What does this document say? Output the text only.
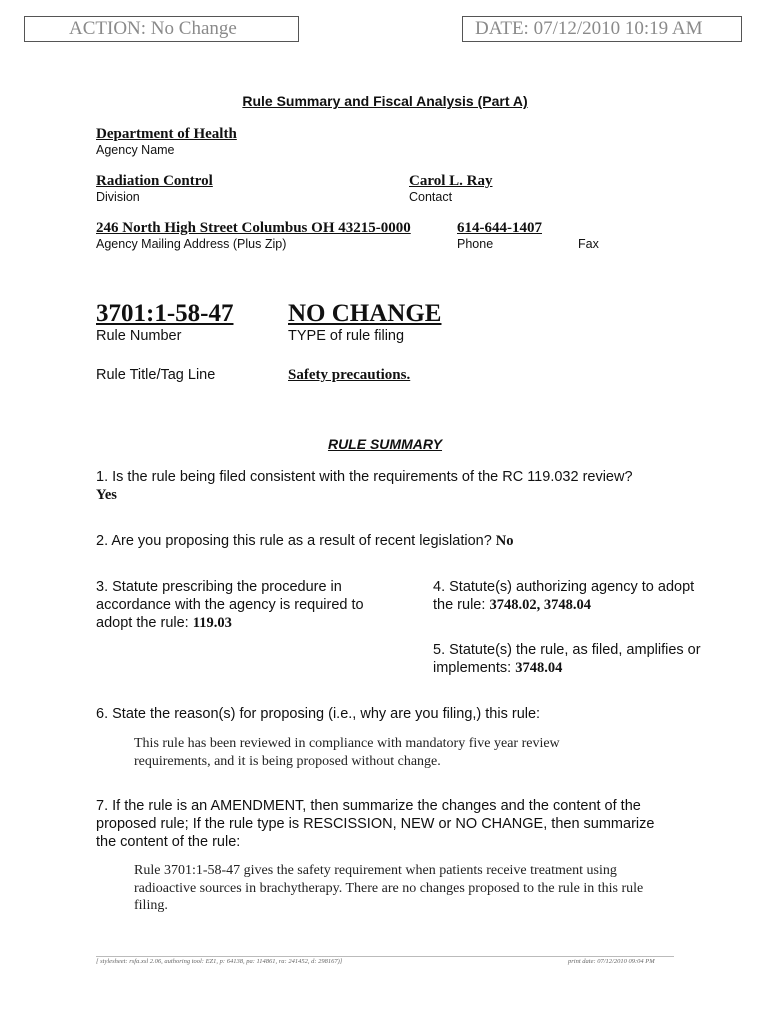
ACTION: No Change	DATE: 07/12/2010 10:19 AM
Rule Summary and Fiscal Analysis (Part A)
Department of Health
Agency Name
Radiation Control
Division
Carol L. Ray
Contact
246 North High Street Columbus OH 43215-0000
Agency Mailing Address (Plus Zip)
614-644-1407
Phone	Fax
3701:1-58-47
Rule Number
NO CHANGE
TYPE of rule filing
Rule Title/Tag Line	Safety precautions.
RULE SUMMARY
1. Is the rule being filed consistent with the requirements of the RC 119.032 review? Yes
2. Are you proposing this rule as a result of recent legislation? No
3. Statute prescribing the procedure in accordance with the agency is required to adopt the rule: 119.03
4. Statute(s) authorizing agency to adopt the rule: 3748.02, 3748.04
5. Statute(s) the rule, as filed, amplifies or implements: 3748.04
6. State the reason(s) for proposing (i.e., why are you filing,) this rule:
This rule has been reviewed in compliance with mandatory five year review requirements, and it is being proposed without change.
7. If the rule is an AMENDMENT, then summarize the changes and the content of the proposed rule; If the rule type is RESCISSION, NEW or NO CHANGE, then summarize the content of the rule:
Rule 3701:1-58-47 gives the safety requirement when patients receive treatment using radioactive sources in brachytherapy. There are no changes proposed to the rule in this rule filing.
[ stylesheet: rsfa.xsl 2.06, authoring tool: EZ1, p: 64138, pa: 114861, ra: 241452, d: 298167)]	print date: 07/12/2010 09:04 PM
